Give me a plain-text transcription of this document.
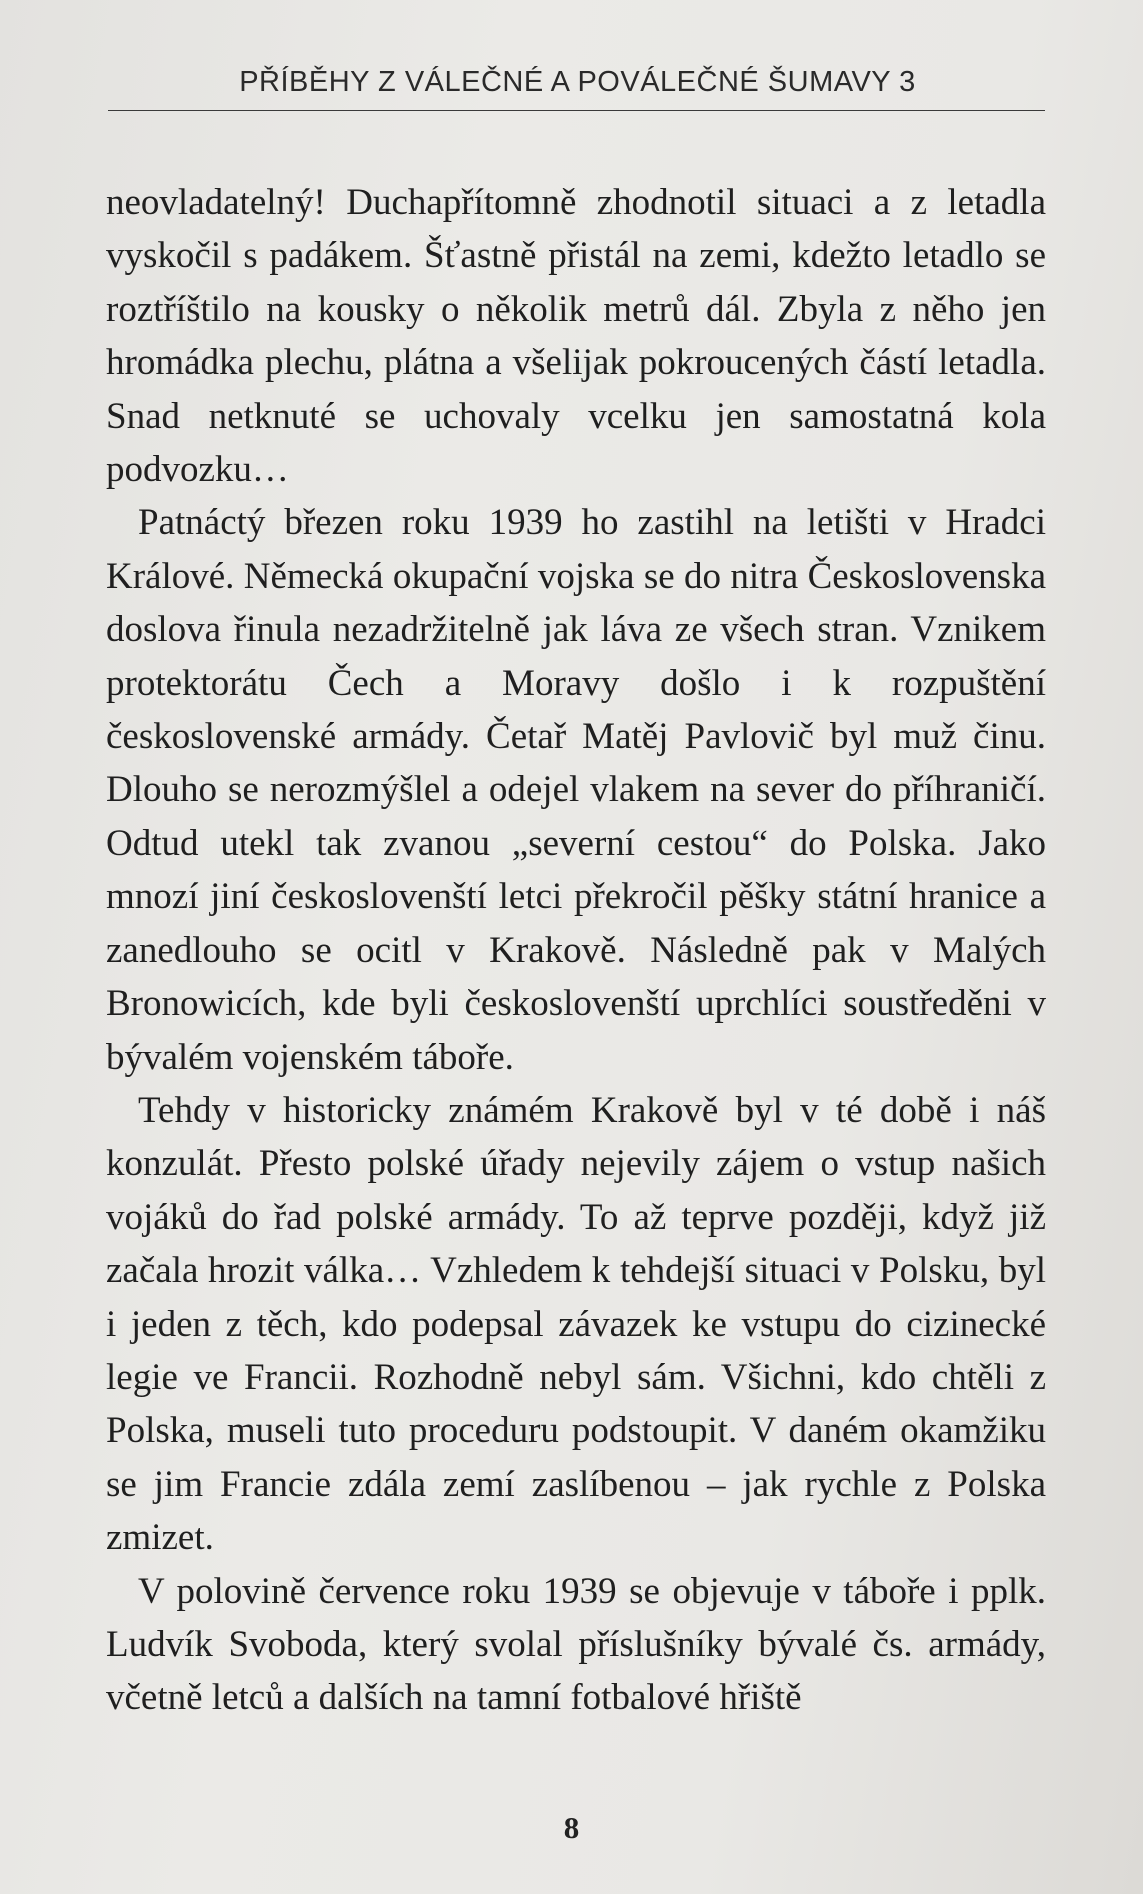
PŘÍBĚHY Z VÁLEČNÉ A POVÁLEČNÉ ŠUMAVY 3

neovladatelný! Duchapřítomně zhodnotil situaci a z letadla vyskočil s padákem. Šťastně přistál na zemi, kdežto letadlo se roztříštilo na kousky o několik metrů dál. Zbyla z něho jen hromádka plechu, plátna a všelijak pokroucených částí letadla. Snad netknuté se uchovaly vcelku jen samostatná kola podvozku…

Patnáctý březen roku 1939 ho zastihl na letišti v Hradci Králové. Německá okupační vojska se do nitra Československa doslova řinula nezadržitelně jak láva ze všech stran. Vznikem protektorátu Čech a Moravy došlo i k rozpuštění československé armády. Četař Matěj Pavlovič byl muž činu. Dlouho se nerozmýšlel a odejel vlakem na sever do příhraničí. Odtud utekl tak zvanou „severní cestou“ do Polska. Jako mnozí jiní českoslovenští letci překročil pěšky státní hranice a zanedlouho se ocitl v Krakově. Následně pak v Malých Bronowicích, kde byli českoslovenští uprchlíci soustředěni v bývalém vojenském táboře.

Tehdy v historicky známém Krakově byl v té době i náš konzulát. Přesto polské úřady nejevily zájem o vstup našich vojáků do řad polské armády. To až teprve později, když již začala hrozit válka… Vzhledem k tehdejší situaci v Polsku, byl i jeden z těch, kdo podepsal závazek ke vstupu do cizinecké legie ve Francii. Rozhodně nebyl sám. Všichni, kdo chtěli z Polska, museli tuto proceduru podstoupit. V daném okamžiku se jim Francie zdála zemí zaslíbenou – jak rychle z Polska zmizet.

V polovině července roku 1939 se objevuje v táboře i pplk. Ludvík Svoboda, který svolal příslušníky bývalé čs. armády, včetně letců a dalších na tamní fotbalové hřiště

8
